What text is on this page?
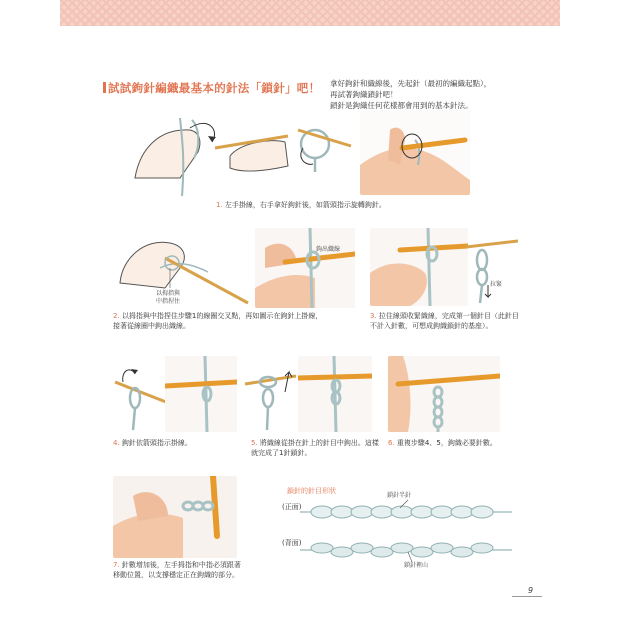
試試鉤針編織最基本的針法「鎖針」吧！ 拿好鉤針和織線後，先起針（最初的編織起點），
再試著鉤織鎖針吧！
鎖針是鉤織任何花樣都會用到的基本針法。
1. 左手掛線，右手拿好鉤針後，如箭頭指示旋轉鉤針。
以拇指與
中指捏住
鉤出織線
2. 以拇指與中指捏住步驟1的線圈交叉點，再如圖示在鉤針上掛線，
接著從線圈中鉤出織線。
拉緊
3. 拉住線頭收緊織線，完成第一個針目（此針目
不計入針數，可想成鉤織鎖針的基座）。
4. 鉤針依箭頭指示掛線。	5. 將織線從掛在針上的針目中鉤出。這樣
就完成了1針鎖針。
6. 重複步驟4、5，鉤織必要針數。
7. 針數增加後，左手拇指和中指必須跟著
移動位置，以支撐穩定正在鉤織的部分。
鎖針的針目形狀
鎖針半針
(正面)
(背面)
鎖針裡山
9
